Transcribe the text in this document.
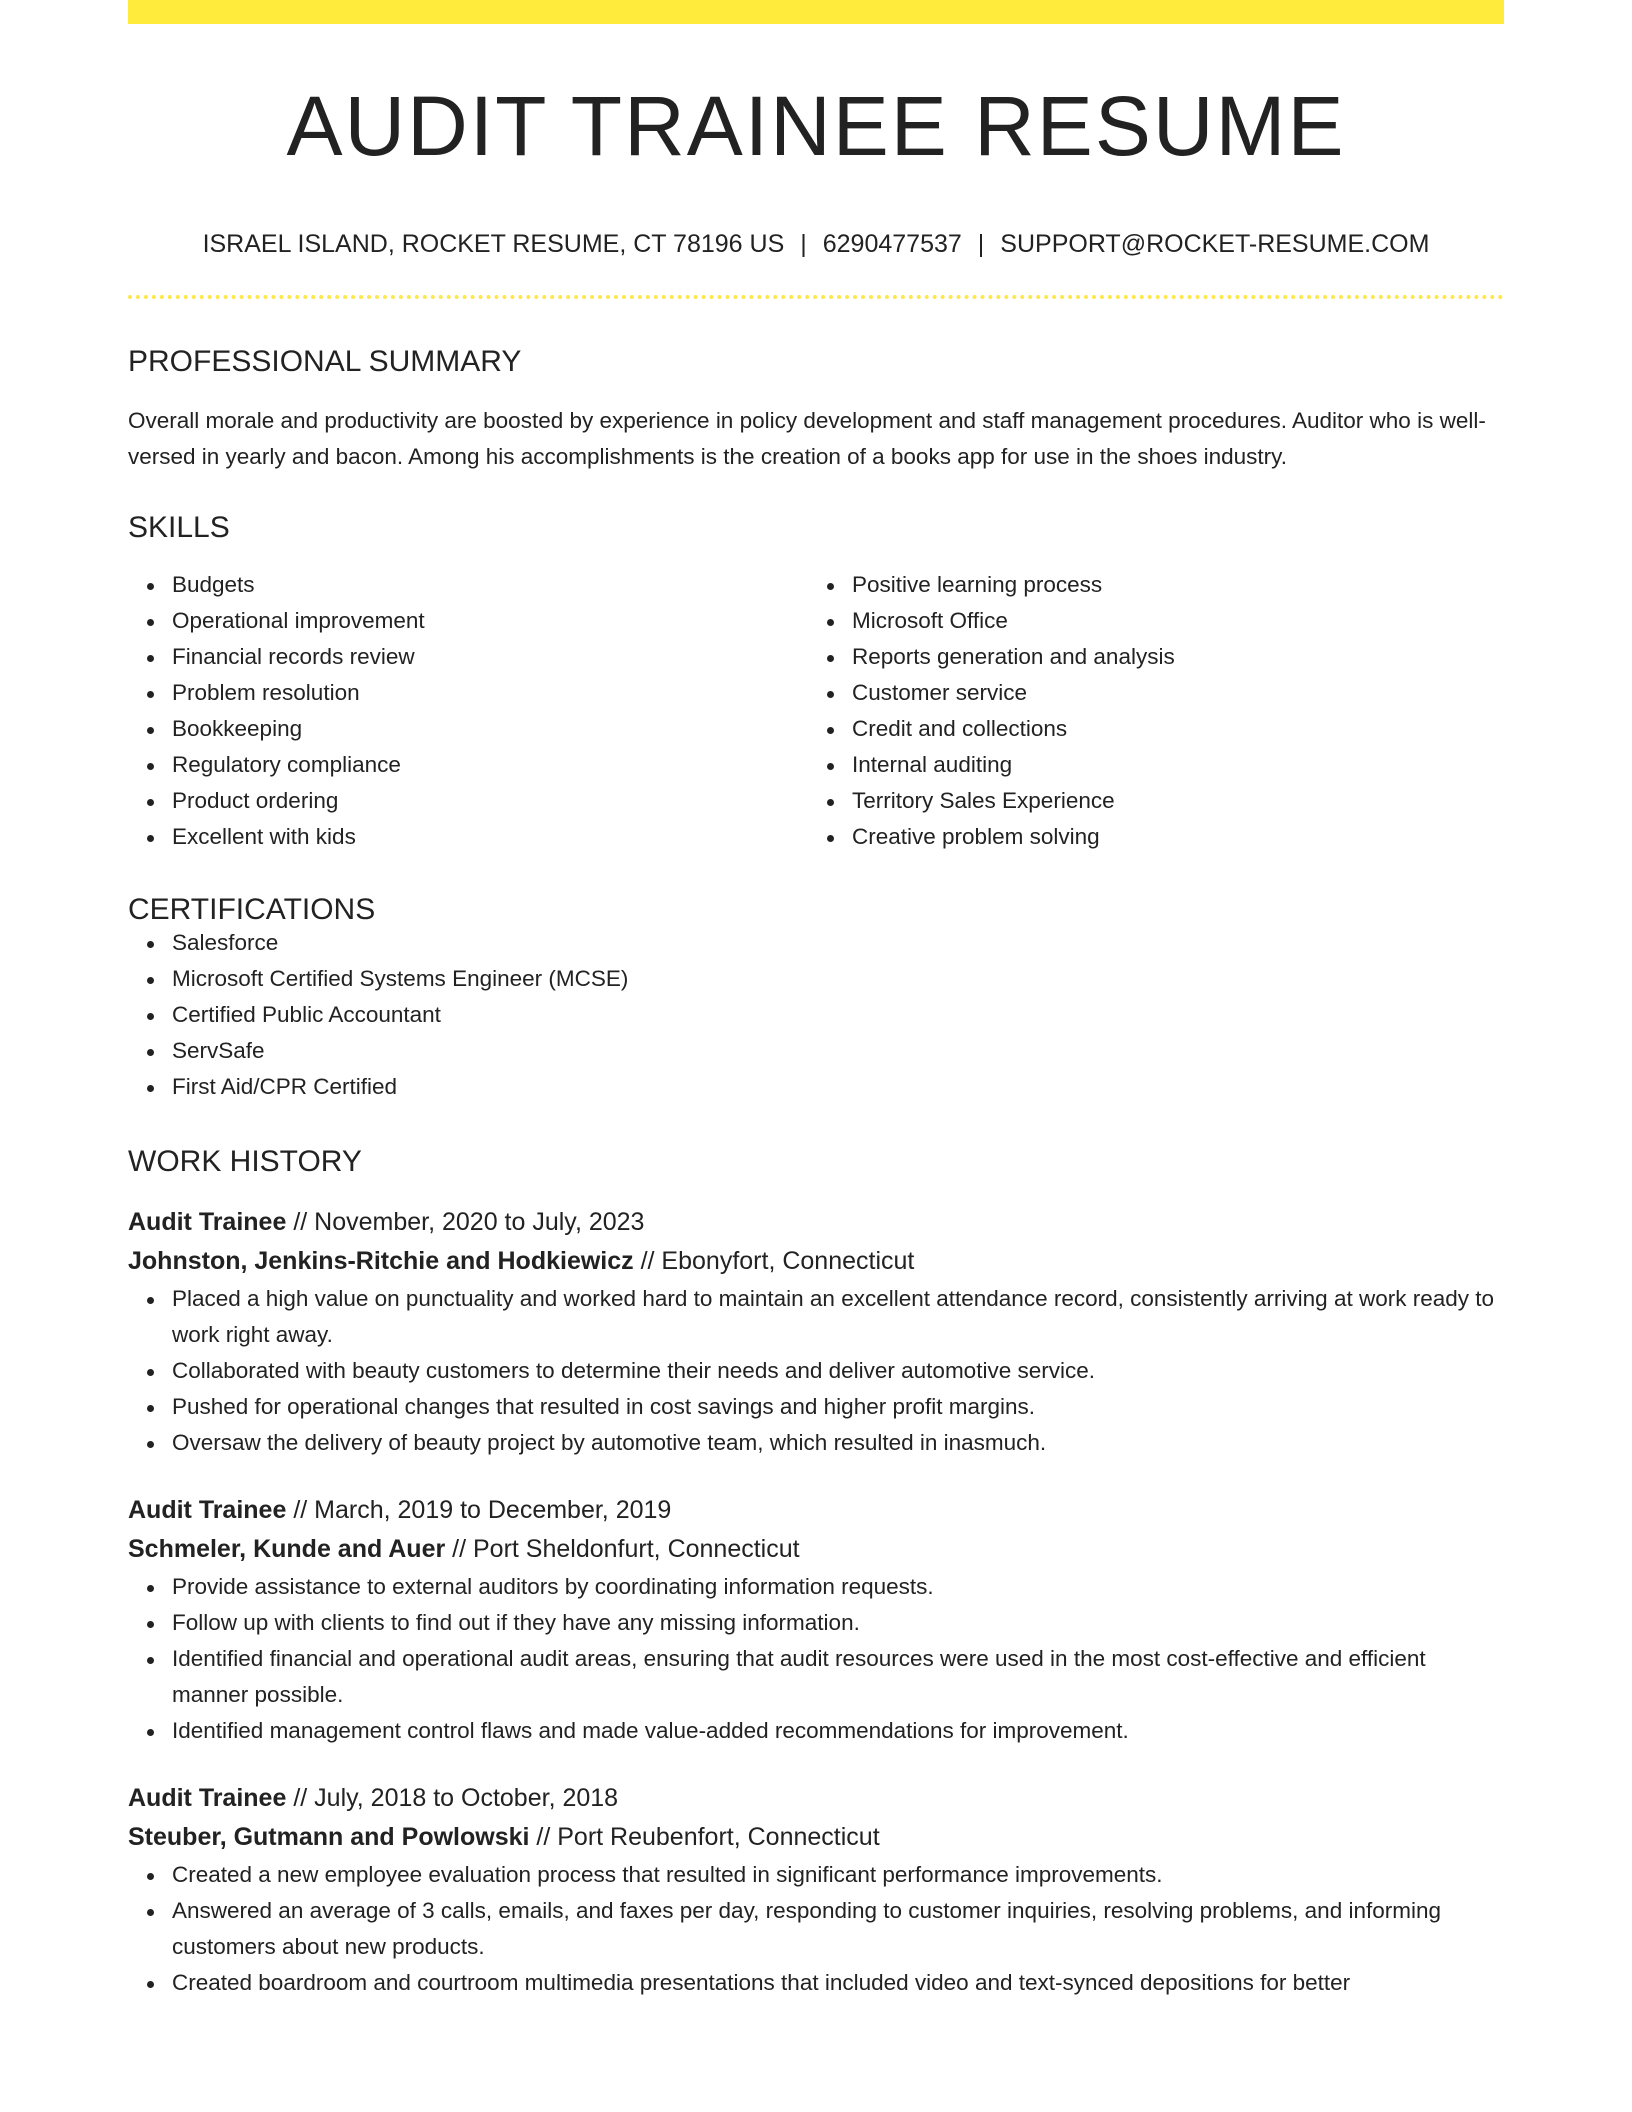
AUDIT TRAINEE RESUME
ISRAEL ISLAND, ROCKET RESUME, CT 78196 US | 6290477537 | SUPPORT@ROCKET-RESUME.COM
PROFESSIONAL SUMMARY

Overall morale and productivity are boosted by experience in policy development and staff management procedures. Auditor who is well-versed in yearly and bacon. Among his accomplishments is the creation of a books app for use in the shoes industry.

SKILLS
Budgets
Operational improvement
Financial records review
Problem resolution
Bookkeeping
Regulatory compliance
Product ordering
Excellent with kids
Positive learning process
Microsoft Office
Reports generation and analysis
Customer service
Credit and collections
Internal auditing
Territory Sales Experience
Creative problem solving
CERTIFICATIONS
Salesforce
Microsoft Certified Systems Engineer (MCSE)
Certified Public Accountant
ServSafe
First Aid/CPR Certified
WORK HISTORY
Audit Trainee // November, 2020 to July, 2023
Johnston, Jenkins-Ritchie and Hodkiewicz // Ebonyfort, Connecticut
Placed a high value on punctuality and worked hard to maintain an excellent attendance record, consistently arriving at work ready to work right away.
Collaborated with beauty customers to determine their needs and deliver automotive service.
Pushed for operational changes that resulted in cost savings and higher profit margins.
Oversaw the delivery of beauty project by automotive team, which resulted in inasmuch.
Audit Trainee // March, 2019 to December, 2019
Schmeler, Kunde and Auer // Port Sheldonfurt, Connecticut
Provide assistance to external auditors by coordinating information requests.
Follow up with clients to find out if they have any missing information.
Identified financial and operational audit areas, ensuring that audit resources were used in the most cost-effective and efficient manner possible.
Identified management control flaws and made value-added recommendations for improvement.
Audit Trainee // July, 2018 to October, 2018
Steuber, Gutmann and Powlowski // Port Reubenfort, Connecticut
Created a new employee evaluation process that resulted in significant performance improvements.
Answered an average of 3 calls, emails, and faxes per day, responding to customer inquiries, resolving problems, and informing customers about new products.
Created boardroom and courtroom multimedia presentations that included video and text-synced depositions for better
